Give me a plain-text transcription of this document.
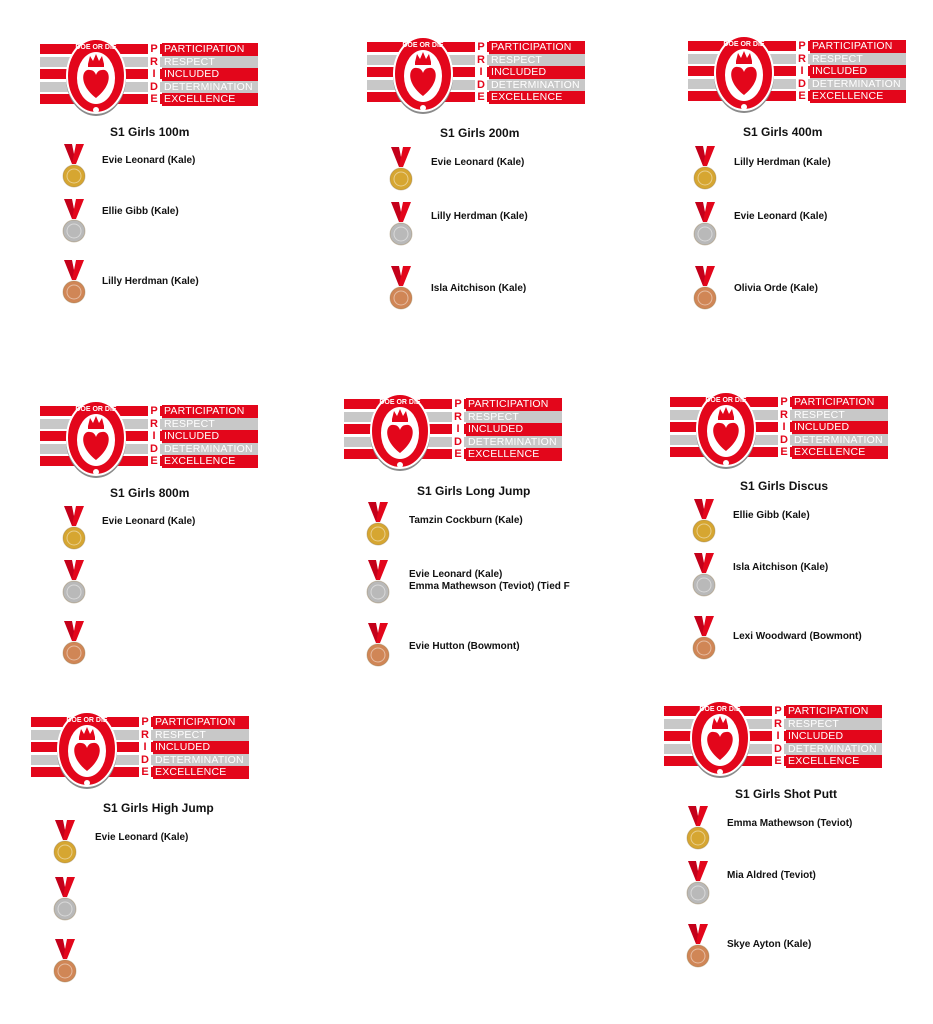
P
R
I
D
E
PARTICIPATION
RESPECT
INCLUDED
DETERMINATION
EXCELLENCE
DOE OR DIE
S1 Girls 100m
Evie Leonard (Kale)
Ellie Gibb (Kale)
Lilly Herdman (Kale)
P
R
I
D
E
PARTICIPATION
RESPECT
INCLUDED
DETERMINATION
EXCELLENCE
DOE OR DIE
S1 Girls 200m
Evie Leonard (Kale)
Lilly Herdman (Kale)
Isla Aitchison (Kale)
P
R
I
D
E
PARTICIPATION
RESPECT
INCLUDED
DETERMINATION
EXCELLENCE
DOE OR DIE
S1 Girls 400m
Lilly Herdman (Kale)
Evie Leonard (Kale)
Olivia Orde (Kale)
P
R
I
D
E
PARTICIPATION
RESPECT
INCLUDED
DETERMINATION
EXCELLENCE
DOE OR DIE
S1 Girls 800m
Evie Leonard (Kale)
P
R
I
D
E
PARTICIPATION
RESPECT
INCLUDED
DETERMINATION
EXCELLENCE
DOE OR DIE
S1 Girls Long Jump
Tamzin Cockburn (Kale)
Evie Leonard (Kale)
Emma Mathewson (Teviot) (Tied F
Evie Hutton (Bowmont)
P
R
I
D
E
PARTICIPATION
RESPECT
INCLUDED
DETERMINATION
EXCELLENCE
DOE OR DIE
S1 Girls Discus
Ellie Gibb (Kale)
Isla Aitchison (Kale)
Lexi Woodward (Bowmont)
P
R
I
D
E
PARTICIPATION
RESPECT
INCLUDED
DETERMINATION
EXCELLENCE
DOE OR DIE
S1 Girls High Jump
Evie Leonard (Kale)
P
R
I
D
E
PARTICIPATION
RESPECT
INCLUDED
DETERMINATION
EXCELLENCE
DOE OR DIE
S1 Girls Shot Putt
Emma Mathewson (Teviot)
Mia Aldred (Teviot)
Skye Ayton (Kale)
